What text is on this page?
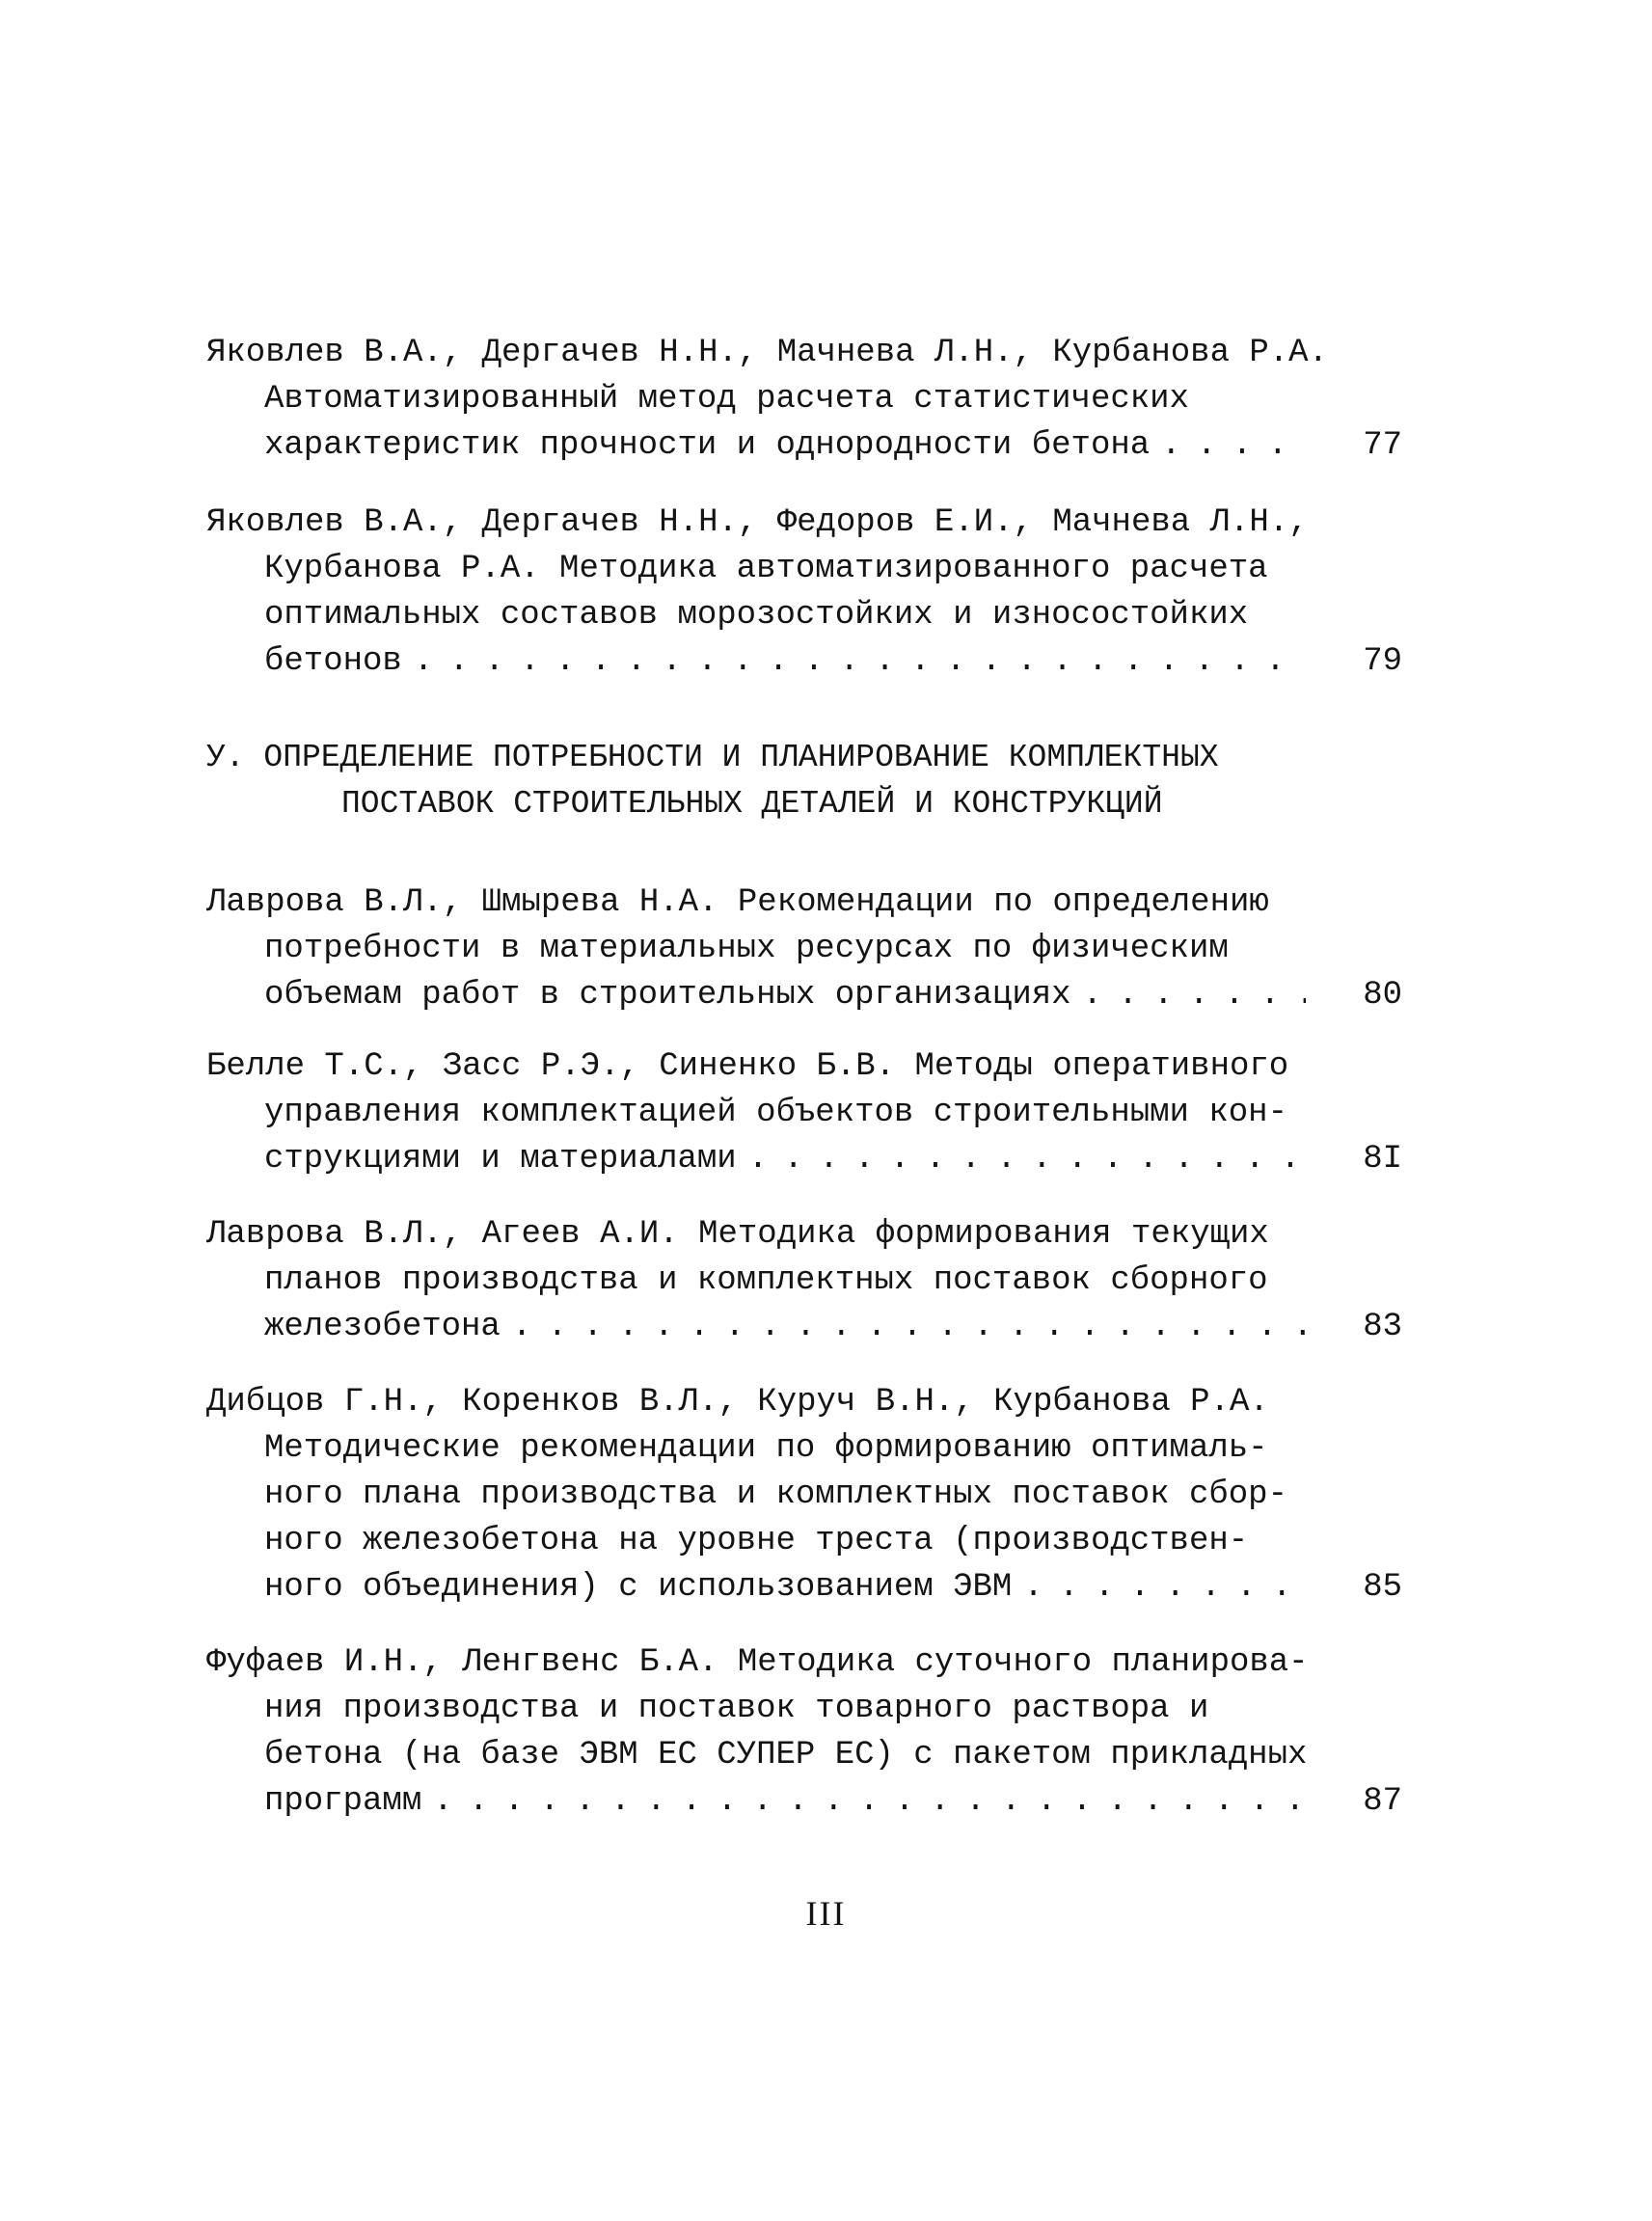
Яковлев В.А., Дергачев Н.Н., Мачнева Л.Н., Курбанова Р.А.
Автоматизированный метод расчета статистических
характеристик прочности и однородности бетона . . .	77
Яковлев В.А., Дергачев Н.Н., Федоров Е.И., Мачнева Л.Н.,
Курбанова Р.А. Методика автоматизированного расчета
оптимальных составов морозостойких и износостойких
бетонов . . .	79
У. ОПРЕДЕЛЕНИЕ ПОТРЕБНОСТИ И ПЛАНИРОВАНИЕ КОМПЛЕКТНЫХ
ПОСТАВОК СТРОИТЕЛЬНЫХ ДЕТАЛЕЙ И КОНСТРУКЦИЙ
Лаврова В.Л., Шмырева Н.А. Рекомендации по определению
потребности в материальных ресурсах по физическим
объемам работ в строительных организациях . . .	80
Белле Т.С., Засс Р.Э., Синенко Б.В. Методы оперативного
управления комплектацией объектов строительными кон-
струкциями и материалами . . .	8I
Лаврова В.Л., Агеев А.И. Методика формирования текущих
планов производства и комплектных поставок сборного
железобетона . . .	83
Дибцов Г.Н., Коренков В.Л., Куруч В.Н., Курбанова Р.А.
Методические рекомендации по формированию оптималь-
ного плана производства и комплектных поставок сбор-
ного железобетона на уровне треста (производствен-
ного объединения) с использованием ЭВМ . . .	85
Фуфаев И.Н., Ленгвенс Б.А. Методика суточного планирова-
ния производства и поставок товарного раствора и
бетона (на базе ЭВМ ЕС СУПЕР ЕС) с пакетом прикладных
программ . . .	87
III
